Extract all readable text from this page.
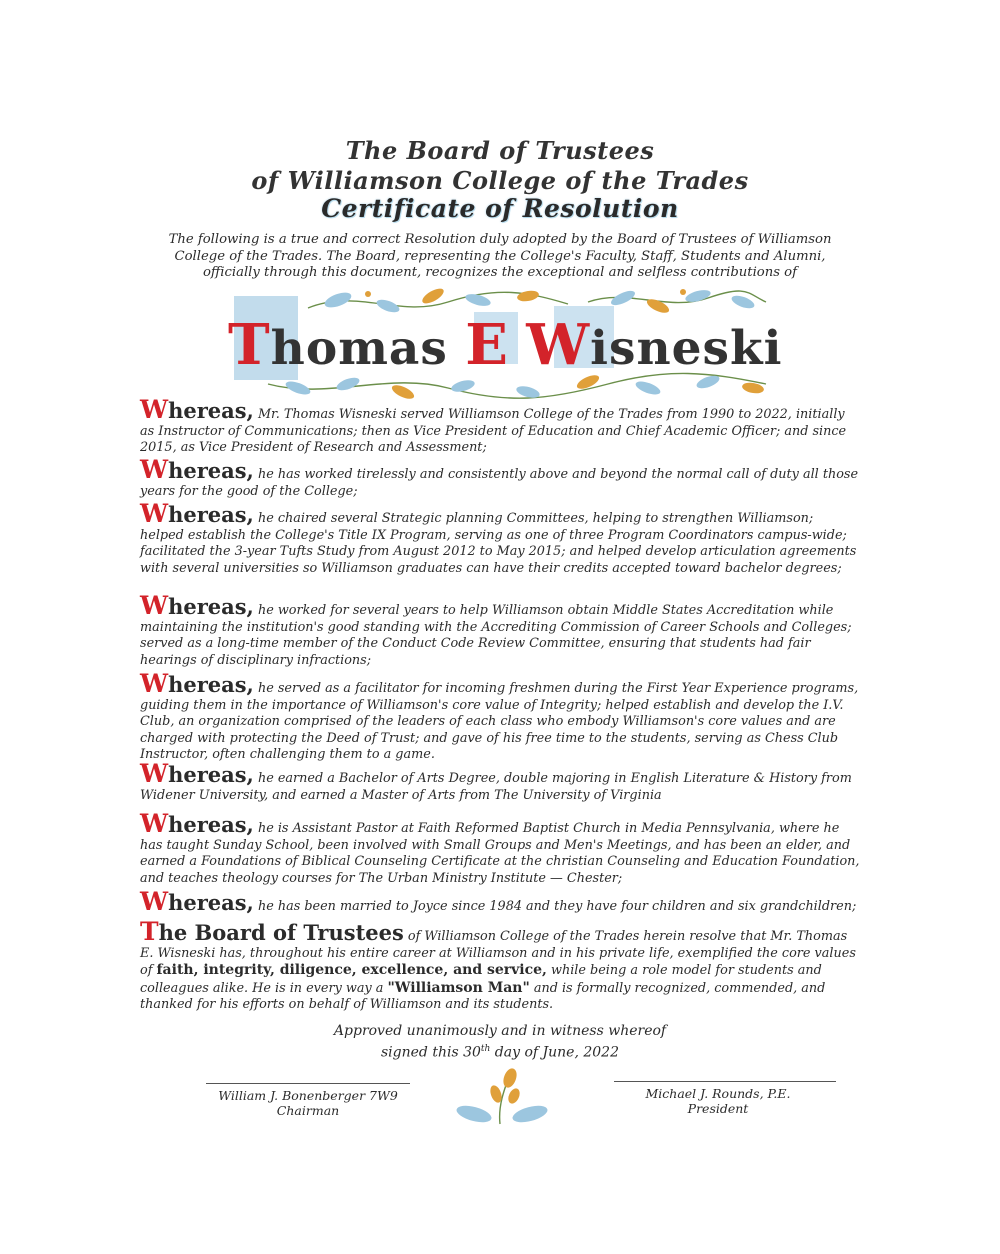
The Board of Trustees
of Williamson College of the Trades
Certificate of Resolution
The following is a true and correct Resolution duly adopted by the Board of Trustees of Williamson College of the Trades. The Board, representing the College's Faculty, Staff, Students and Alumni, officially through this document, recognizes the exceptional and selfless contributions of
Thomas E Wisneski
Whereas, Mr. Thomas Wisneski served Williamson College of the Trades from 1990 to 2022, initially as Instructor of Communications; then as Vice President of Education and Chief Academic Officer; and since 2015, as Vice President of Research and Assessment;
Whereas, he has worked tirelessly and consistently above and beyond the normal call of duty all those years for the good of the College;
Whereas, he chaired several Strategic planning Committees, helping to strengthen Williamson; helped establish the College's Title IX Program, serving as one of three Program Coordinators campus-wide; facilitated the 3-year Tufts Study from August 2012 to May 2015; and helped develop articulation agreements with several universities so Williamson graduates can have their credits accepted toward bachelor degrees;
Whereas, he worked for several years to help Williamson obtain Middle States Accreditation while maintaining the institution's good standing with the Accrediting Commission of Career Schools and Colleges; served as a long-time member of the Conduct Code Review Committee, ensuring that students had fair hearings of disciplinary infractions;
Whereas, he served as a facilitator for incoming freshmen during the First Year Experience programs, guiding them in the importance of Williamson's core value of Integrity; helped establish and develop the I.V. Club, an organization comprised of the leaders of each class who embody Williamson's core values and are charged with protecting the Deed of Trust; and gave of his free time to the students, serving as Chess Club Instructor, often challenging them to a game.
Whereas, he earned a Bachelor of Arts Degree, double majoring in English Literature & History from Widener University, and earned a Master of Arts from The University of Virginia
Whereas, he is Assistant Pastor at Faith Reformed Baptist Church in Media Pennsylvania, where he has taught Sunday School, been involved with Small Groups and Men's Meetings, and has been an elder, and earned a Foundations of Biblical Counseling Certificate at the christian Counseling and Education Foundation, and teaches theology courses for The Urban Ministry Institute — Chester;
Whereas, he has been married to Joyce since 1984 and they have four children and six grandchildren;
The Board of Trustees of Williamson College of the Trades herein resolve that Mr. Thomas E. Wisneski has, throughout his entire career at Williamson and in his private life, exemplified the core values of faith, integrity, diligence, excellence, and service, while being a role model for students and colleagues alike. He is in every way a "Williamson Man" and is formally recognized, commended, and thanked for his efforts on behalf of Williamson and its students.
Approved unanimously and in witness whereof
signed this 30th day of June, 2022
William J. Bonenberger 7W9
Chairman
Michael J. Rounds, P.E.
President
